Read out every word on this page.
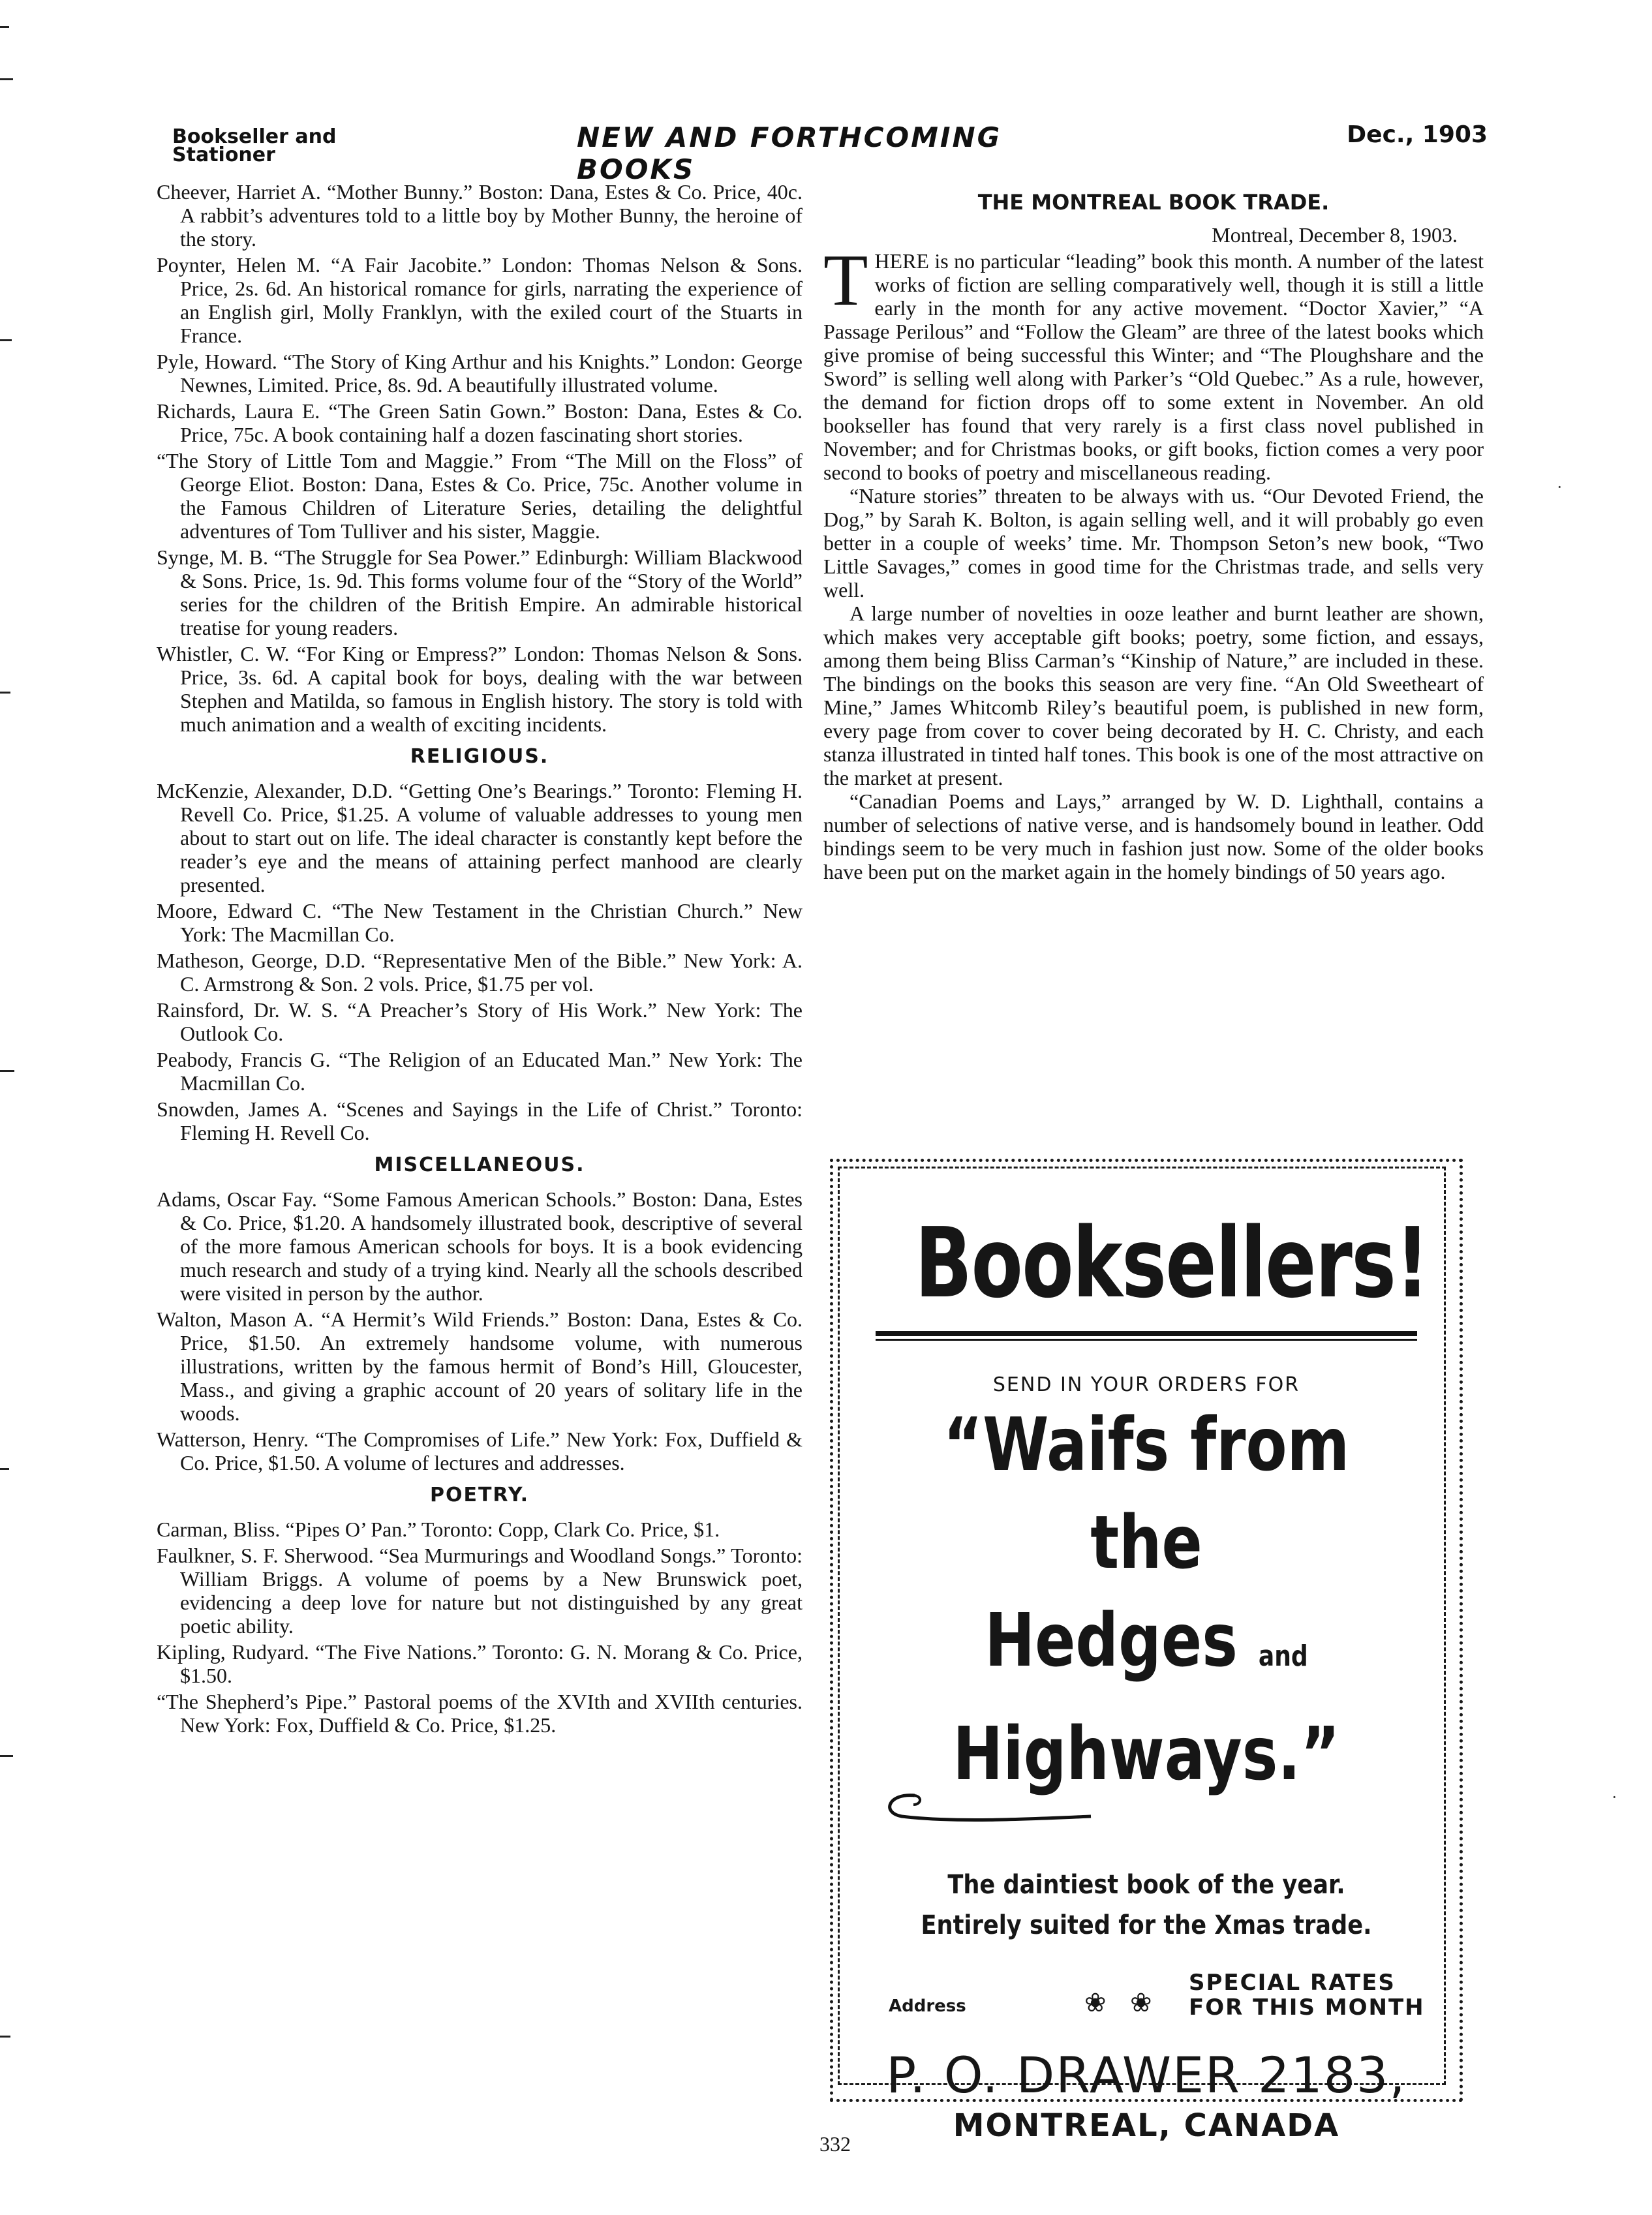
Bookseller and
Stationer
NEW AND FORTHCOMING BOOKS
Dec., 1903

Cheever, Harriet A. “Mother Bunny.” Boston: Dana, Estes & Co. Price, 40c. A rabbit’s adventures told to a little boy by Mother Bunny, the heroine of the story.

Poynter, Helen M. “A Fair Jacobite.” London: Thomas Nelson & Sons. Price, 2s. 6d. An historical romance for girls, narrating the experience of an English girl, Molly Franklyn, with the exiled court of the Stuarts in France.

Pyle, Howard. “The Story of King Arthur and his Knights.” London: George Newnes, Limited. Price, 8s. 9d. A beautifully illustrated volume.

Richards, Laura E. “The Green Satin Gown.” Boston: Dana, Estes & Co. Price, 75c. A book containing half a dozen fascinating short stories.

“The Story of Little Tom and Maggie.” From “The Mill on the Floss” of George Eliot. Boston: Dana, Estes & Co. Price, 75c. Another volume in the Famous Children of Literature Series, detailing the delightful adventures of Tom Tulliver and his sister, Maggie.

Synge, M. B. “The Struggle for Sea Power.” Edinburgh: William Blackwood & Sons. Price, 1s. 9d. This forms volume four of the “Story of the World” series for the children of the British Empire. An admirable historical treatise for young readers.

Whistler, C. W. “For King or Empress?” London: Thomas Nelson & Sons. Price, 3s. 6d. A capital book for boys, dealing with the war between Stephen and Matilda, so famous in English history. The story is told with much animation and a wealth of exciting incidents.

RELIGIOUS.

McKenzie, Alexander, D.D. “Getting One’s Bearings.” Toronto: Fleming H. Revell Co. Price, $1.25. A volume of valuable addresses to young men about to start out on life. The ideal character is constantly kept before the reader’s eye and the means of attaining perfect manhood are clearly presented.

Moore, Edward C. “The New Testament in the Christian Church.” New York: The Macmillan Co.

Matheson, George, D.D. “Representative Men of the Bible.” New York: A. C. Armstrong & Son. 2 vols. Price, $1.75 per vol.

Rainsford, Dr. W. S. “A Preacher’s Story of His Work.” New York: The Outlook Co.

Peabody, Francis G. “The Religion of an Educated Man.” New York: The Macmillan Co.

Snowden, James A. “Scenes and Sayings in the Life of Christ.” Toronto: Fleming H. Revell Co.

MISCELLANEOUS.

Adams, Oscar Fay. “Some Famous American Schools.” Boston: Dana, Estes & Co. Price, $1.20. A handsomely illustrated book, descriptive of several of the more famous American schools for boys. It is a book evidencing much research and study of a trying kind. Nearly all the schools described were visited in person by the author.

Walton, Mason A. “A Hermit’s Wild Friends.” Boston: Dana, Estes & Co. Price, $1.50. An extremely handsome volume, with numerous illustrations, written by the famous hermit of Bond’s Hill, Gloucester, Mass., and giving a graphic account of 20 years of solitary life in the woods.

Watterson, Henry. “The Compromises of Life.” New York: Fox, Duffield & Co. Price, $1.50. A volume of lectures and addresses.

POETRY.

Carman, Bliss. “Pipes O’ Pan.” Toronto: Copp, Clark Co. Price, $1.

Faulkner, S. F. Sherwood. “Sea Murmurings and Woodland Songs.” Toronto: William Briggs. A volume of poems by a New Brunswick poet, evidencing a deep love for nature but not distinguished by any great poetic ability.

Kipling, Rudyard. “The Five Nations.” Toronto: G. N. Morang & Co. Price, $1.50.

“The Shepherd’s Pipe.” Pastoral poems of the XVIth and XVIIth centuries. New York: Fox, Duffield & Co. Price, $1.25.

THE MONTREAL BOOK TRADE.
Montreal, December 8, 1903.

THERE is no particular “leading” book this month. A number of the latest works of fiction are selling comparatively well, though it is still a little early in the month for any active movement. “Doctor Xavier,” “A Passage Perilous” and “Follow the Gleam” are three of the latest books which give promise of being successful this Winter; and “The Ploughshare and the Sword” is selling well along with Parker’s “Old Quebec.” As a rule, however, the demand for fiction drops off to some extent in November. An old bookseller has found that very rarely is a first class novel published in November; and for Christmas books, or gift books, fiction comes a very poor second to books of poetry and miscellaneous reading.

“Nature stories” threaten to be always with us. “Our Devoted Friend, the Dog,” by Sarah K. Bolton, is again selling well, and it will probably go even better in a couple of weeks’ time. Mr. Thompson Seton’s new book, “Two Little Savages,” comes in good time for the Christmas trade, and sells very well.

A large number of novelties in ooze leather and burnt leather are shown, which makes very acceptable gift books; poetry, some fiction, and essays, among them being Bliss Carman’s “Kinship of Nature,” are included in these. The bindings on the books this season are very fine. “An Old Sweetheart of Mine,” James Whitcomb Riley’s beautiful poem, is published in new form, every page from cover to cover being decorated by H. C. Christy, and each stanza illustrated in tinted half tones. This book is one of the most attractive on the market at present.

“Canadian Poems and Lays,” arranged by W. D. Lighthall, contains a number of selections of native verse, and is handsomely bound in leather. Odd bindings seem to be very much in fashion just now. Some of the older books have been put on the market again in the homely bindings of 50 years ago.

Booksellers!
SEND IN YOUR ORDERS FOR
“Waifs from the
Hedges and
Highways.”
The daintiest book of the year.
Entirely suited for the Xmas trade.
Address	❀ ❀
SPECIAL RATES
FOR THIS MONTH
P. O. DRAWER 2183,
MONTREAL, CANADA
·
·
332
